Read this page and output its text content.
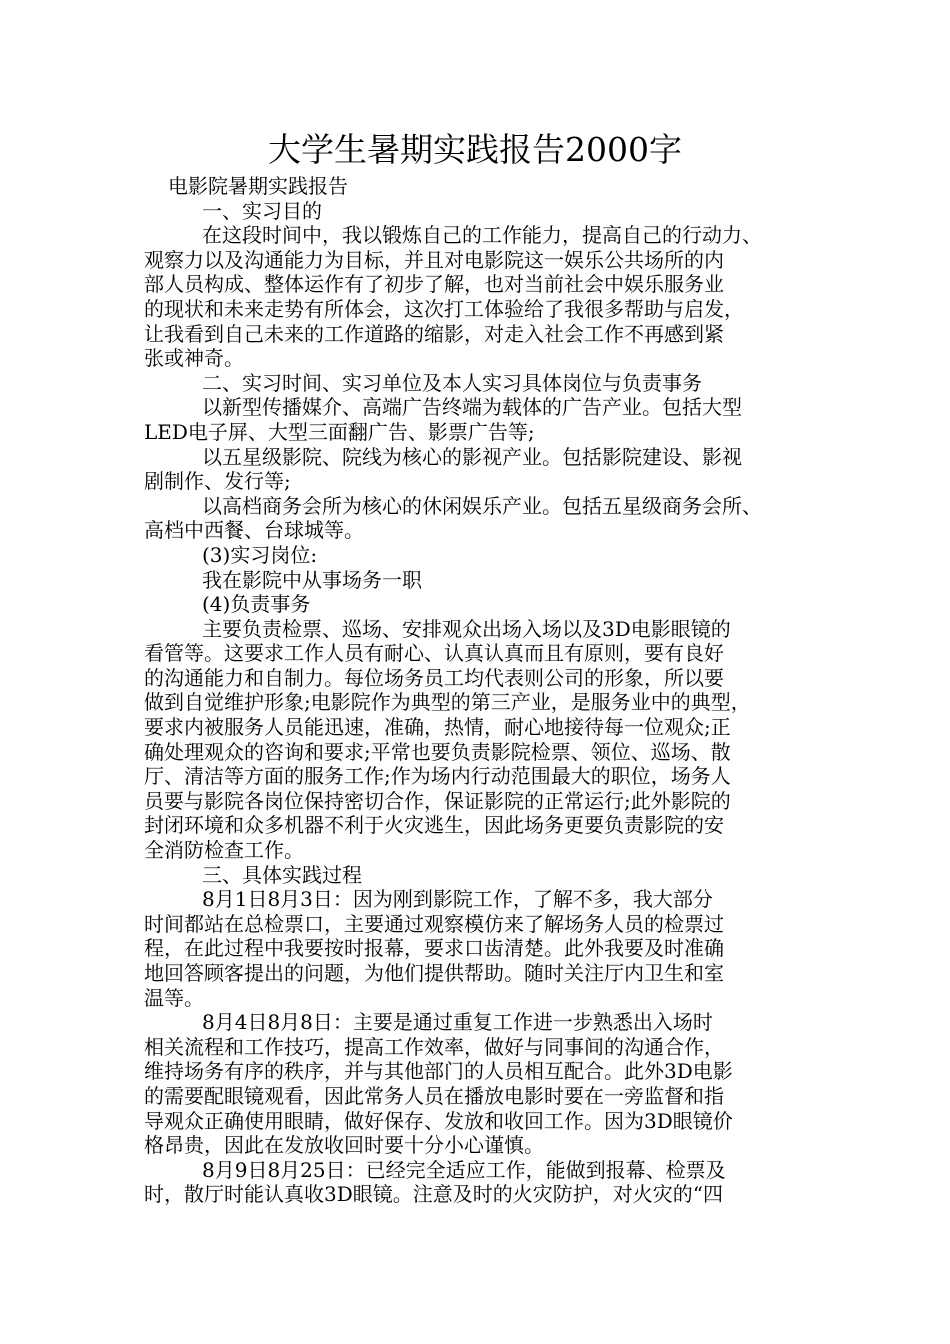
大学生暑期实践报告2000字
电影院暑期实践报告
一、实习目的
在这段时间中，我以锻炼自己的工作能力，提高自己的行动力、
观察力以及沟通能力为目标，并且对电影院这一娱乐公共场所的内
部人员构成、整体运作有了初步了解，也对当前社会中娱乐服务业
的现状和未来走势有所体会，这次打工体验给了我很多帮助与启发，
让我看到自己未来的工作道路的缩影，对走入社会工作不再感到紧
张或神奇。
二、实习时间、实习单位及本人实习具体岗位与负责事务
以新型传播媒介、高端广告终端为载体的广告产业。包括大型
LED电子屏、大型三面翻广告、影票广告等;
以五星级影院、院线为核心的影视产业。包括影院建设、影视
剧制作、发行等;
以高档商务会所为核心的休闲娱乐产业。包括五星级商务会所、
高档中西餐、台球城等。
(3)实习岗位:
我在影院中从事场务一职
(4)负责事务
主要负责检票、巡场、安排观众出场入场以及3D电影眼镜的
看管等。这要求工作人员有耐心、认真认真而且有原则，要有良好
的沟通能力和自制力。每位场务员工均代表则公司的形象，所以要
做到自觉维护形象;电影院作为典型的第三产业，是服务业中的典型，
要求内被服务人员能迅速，准确，热情，耐心地接待每一位观众;正
确处理观众的咨询和要求;平常也要负责影院检票、领位、巡场、散
厅、清洁等方面的服务工作;作为场内行动范围最大的职位，场务人
员要与影院各岗位保持密切合作，保证影院的正常运行;此外影院的
封闭环境和众多机器不利于火灾逃生，因此场务更要负责影院的安
全消防检查工作。
三、具体实践过程
8月1日8月3日：因为刚到影院工作，了解不多，我大部分
时间都站在总检票口，主要通过观察模仿来了解场务人员的检票过
程，在此过程中我要按时报幕，要求口齿清楚。此外我要及时准确
地回答顾客提出的问题，为他们提供帮助。随时关注厅内卫生和室
温等。
8月4日8月8日：主要是通过重复工作进一步熟悉出入场时
相关流程和工作技巧，提高工作效率，做好与同事间的沟通合作，
维持场务有序的秩序，并与其他部门的人员相互配合。此外3D电影
的需要配眼镜观看，因此常务人员在播放电影时要在一旁监督和指
导观众正确使用眼睛，做好保存、发放和收回工作。因为3D眼镜价
格昂贵，因此在发放收回时要十分小心谨慎。
8月9日8月25日：已经完全适应工作，能做到报幕、检票及
时，散厅时能认真收3D眼镜。注意及时的火灾防护，对火灾的“四
